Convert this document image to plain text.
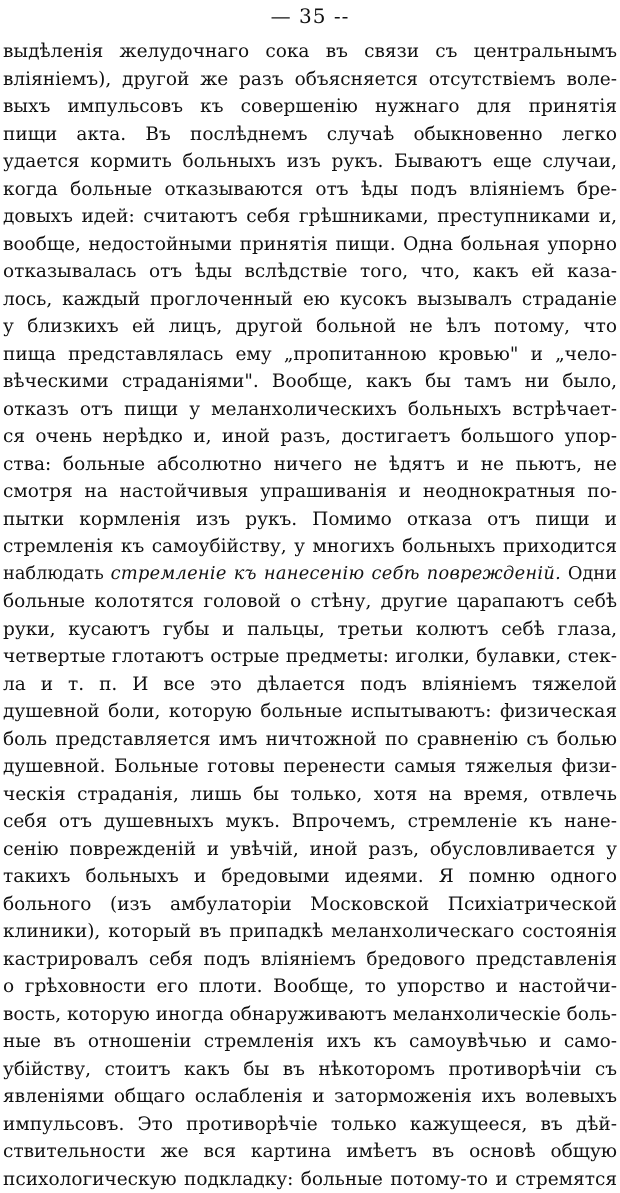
— 35 --
выдѣленія желудочнаго сока въ связи съ центральнымъ
вліяніемъ), другой же разъ объясняется отсутствіемъ воле-
выхъ импульсовъ къ совершенію нужнаго для принятія
пищи акта. Въ послѣднемъ случаѣ обыкновенно легко
удается кормить больныхъ изъ рукъ. Бываютъ еще случаи,
когда больные отказываются отъ ѣды подъ вліяніемъ бре-
довыхъ идей: считаютъ себя грѣшниками, преступниками и,
вообще, недостойными принятія пищи. Одна больная упорно
отказывалась отъ ѣды вслѣдствіе того, что, какъ ей каза-
лось, каждый проглоченный ею кусокъ вызывалъ страданіе
у близкихъ ей лицъ, другой больной не ѣлъ потому, что
пища представлялась ему „пропитанною кровью" и „чело-
вѣческими страданіями". Вообще, какъ бы тамъ ни было,
отказъ отъ пищи у меланхолическихъ больныхъ встрѣчает-
ся очень нерѣдко и, иной разъ, достигаетъ большого упор-
ства: больные абсолютно ничего не ѣдятъ и не пьютъ, не
смотря на настойчивыя упрашиванія и неоднократныя по-
пытки кормленія изъ рукъ. Помимо отказа отъ пищи и
стремленія къ самоубійству, у многихъ больныхъ приходится
наблюдать стремленіе къ нанесенію себѣ поврежденій. Одни
больные колотятся головой о стѣну, другие царапаютъ себѣ
руки, кусаютъ губы и пальцы, третьи колютъ себѣ глаза,
четвертые глотаютъ острые предметы: иголки, булавки, стек-
ла и т. п. И все это дѣлается подъ вліяніемъ тяжелой
душевной боли, которую больные испытываютъ: физическая
боль представляется имъ ничтожной по сравненію съ болью
душевной. Больные готовы перенести самыя тяжелыя физи-
ческія страданія, лишь бы только, хотя на время, отвлечь
себя отъ душевныхъ мукъ. Впрочемъ, стремленіе къ нане-
сенію поврежденій и увѣчій, иной разъ, обусловливается у
такихъ больныхъ и бредовыми идеями. Я помню одного
больного (изъ амбулаторіи Московской Психіатрической
клиники), который въ припадкѣ меланхолическаго состоянія
кастрировалъ себя подъ вліяніемъ бредового представленія
о грѣховности его плоти. Вообще, то упорство и настойчи-
вость, которую иногда обнаруживаютъ меланхолическіе боль-
ные въ отношеніи стремленія ихъ къ самоувѣчью и само-
убійству, стоитъ какъ бы въ нѣкоторомъ противорѣчіи съ
явленіями общаго ослабленія и заторможенія ихъ волевыхъ
импульсовъ. Это противорѣчіе только кажущееся, въ дѣй-
ствительности же вся картина имѣетъ въ основѣ общую
психологическую подкладку: больные потому-то и стремятся
